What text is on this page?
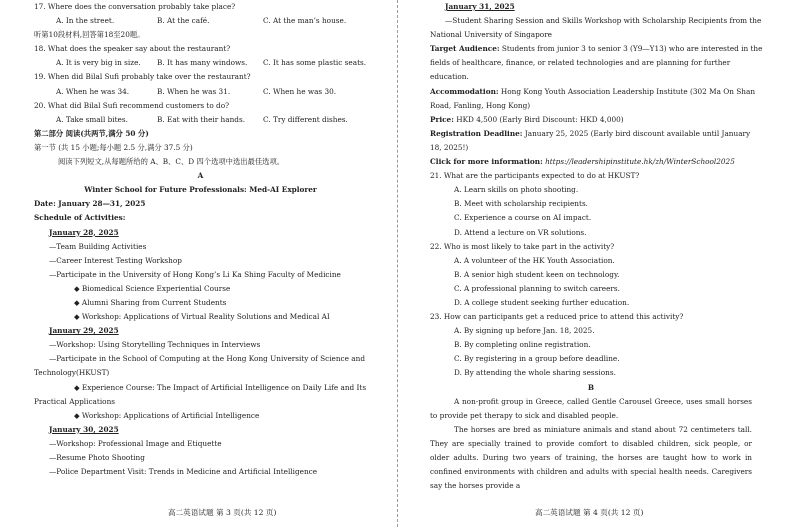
17. Where does the conversation probably take place?
A. In the street.	B. At the café.	C. At the man’s house.
听第10段材料,回答第18至20题。
18. What does the speaker say about the restaurant?
A. It is very big in size.	B. It has many windows.	C. It has some plastic seats.
19. When did Bilal Sufi probably take over the restaurant?
A. When he was 34.	B. When he was 31.	C. When he was 30.
20. What did Bilal Sufi recommend customers to do?
A. Take small bites.	B. Eat with their hands.	C. Try different dishes.
第二部分 阅读(共两节,满分 50 分)
第一节 (共 15 小题;每小题 2.5 分,满分 37.5 分)
阅读下列短文,从每题所给的 A、B、C、D 四个选项中选出最佳选项。
A
Winter School for Future Professionals: Med-AI Explorer
Date: January 28—31, 2025
Schedule of Activities:
January 28, 2025
—Team Building Activities
—Career Interest Testing Workshop
—Participate in the University of Hong Kong’s Li Ka Shing Faculty of Medicine
◆ Biomedical Science Experiential Course
◆ Alumni Sharing from Current Students
◆ Workshop: Applications of Virtual Reality Solutions and Medical AI
January 29, 2025
—Workshop: Using Storytelling Techniques in Interviews
—Participate in the School of Computing at the Hong Kong University of Science and
Technology(HKUST)
◆ Experience Course: The Impact of Artificial Intelligence on Daily Life and Its
Practical Applications
◆ Workshop: Applications of Artificial Intelligence
January 30, 2025
—Workshop: Professional Image and Etiquette
—Resume Photo Shooting
—Police Department Visit: Trends in Medicine and Artificial Intelligence
高二英语试题 第 3 页(共 12 页)
January 31, 2025
—Student Sharing Session and Skills Workshop with Scholarship Recipients from the
National University of Singapore
Target Audience: Students from junior 3 to senior 3 (Y9—Y13) who are interested in the
fields of healthcare, finance, or related technologies and are planning for further
education.
Accommodation: Hong Kong Youth Association Leadership Institute (302 Ma On Shan
Road, Fanling, Hong Kong)
Price: HKD 4,500 (Early Bird Discount: HKD 4,000)
Registration Deadline: January 25, 2025 (Early bird discount available until January
18, 2025!)
Click for more information: https://leadershipinstitute.hk/zh/WinterSchool2025
21. What are the participants expected to do at HKUST?
A. Learn skills on photo shooting.
B. Meet with scholarship recipients.
C. Experience a course on AI impact.
D. Attend a lecture on VR solutions.
22. Who is most likely to take part in the activity?
A. A volunteer of the HK Youth Association.
B. A senior high student keen on technology.
C. A professional planning to switch careers.
D. A college student seeking further education.
23. How can participants get a reduced price to attend this activity?
A. By signing up before Jan. 18, 2025.
B. By completing online registration.
C. By registering in a group before deadline.
D. By attending the whole sharing sessions.
B
A non-profit group in Greece, called Gentle Carousel Greece, uses small horses to provide pet therapy to sick and disabled people.
The horses are bred as miniature animals and stand about 72 centimeters tall. They are specially trained to provide comfort to disabled children, sick people, or older adults. During two years of training, the horses are taught how to work in confined environments with children and adults with special health needs. Caregivers say the horses provide a
高二英语试题 第 4 页(共 12 页)
